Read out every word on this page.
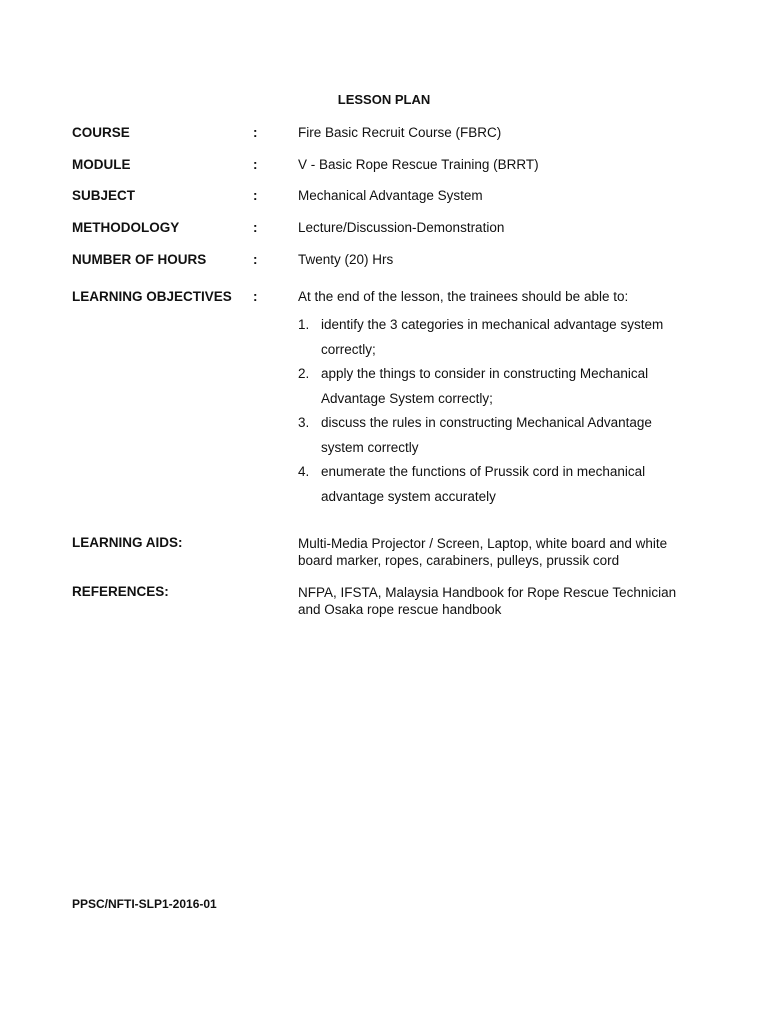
LESSON PLAN
COURSE	:	Fire Basic Recruit Course (FBRC)
MODULE	:	V - Basic Rope Rescue Training (BRRT)
SUBJECT	:	Mechanical Advantage System
METHODOLOGY	:	Lecture/Discussion-Demonstration
NUMBER OF HOURS	:	Twenty (20) Hrs
LEARNING OBJECTIVES :	At the end of the lesson, the trainees should be able to:
1. identify the 3 categories in mechanical advantage system correctly;
2. apply the things to consider in constructing Mechanical Advantage System correctly;
3. discuss the rules in constructing Mechanical Advantage system correctly
4. enumerate the functions of Prussik cord in mechanical advantage system accurately
LEARNING AIDS:	Multi-Media Projector / Screen, Laptop, white board and white board marker, ropes, carabiners, pulleys, prussik cord
REFERENCES:	NFPA, IFSTA, Malaysia Handbook for Rope Rescue Technician and Osaka rope rescue handbook
PPSC/NFTI-SLP1-2016-01
